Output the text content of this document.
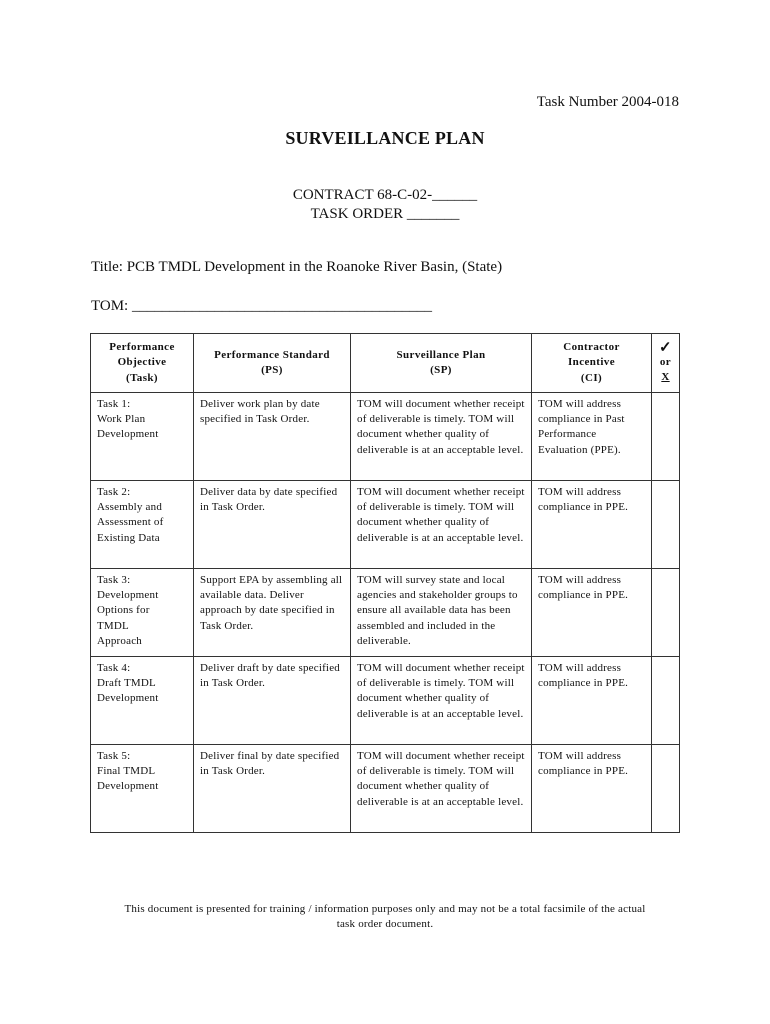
Task Number 2004-018
SURVEILLANCE PLAN
CONTRACT 68-C-02-______
TASK ORDER _______
Title: PCB TMDL Development in the Roanoke River Basin, (State)
TOM: ________________________________________
Performance
Objective
(Task)	Performance Standard
(PS)	Surveillance Plan
(SP)	Contractor
Incentive
(CI)	✓
or
X

Task 1:
Work Plan
Development	Deliver work plan by date specified in Task Order.	TOM will document whether receipt of deliverable is timely. TOM will document whether quality of deliverable is at an acceptable level.	TOM will address compliance in Past Performance Evaluation (PPE).	
Task 2:
Assembly and
Assessment of
Existing Data	Deliver data by date specified in Task Order.	TOM will document whether receipt of deliverable is timely. TOM will document whether quality of deliverable is at an acceptable level.	TOM will address compliance in PPE.	
Task 3:
Development
Options for
TMDL
Approach	Support EPA by assembling all available data. Deliver approach by date specified in Task Order.	TOM will survey state and local agencies and stakeholder groups to ensure all available data has been assembled and included in the deliverable.	TOM will address compliance in PPE.	
Task 4:
Draft TMDL
Development	Deliver draft by date specified in Task Order.	TOM will document whether receipt of deliverable is timely. TOM will document whether quality of deliverable is at an acceptable level.	TOM will address compliance in PPE.	
Task 5:
Final TMDL
Development	Deliver final by date specified in Task Order.	TOM will document whether receipt of deliverable is timely. TOM will document whether quality of deliverable is at an acceptable level.	TOM will address compliance in PPE.	
This document is presented for training / information purposes only and may not be a total facsimile of the actual
task order document.
